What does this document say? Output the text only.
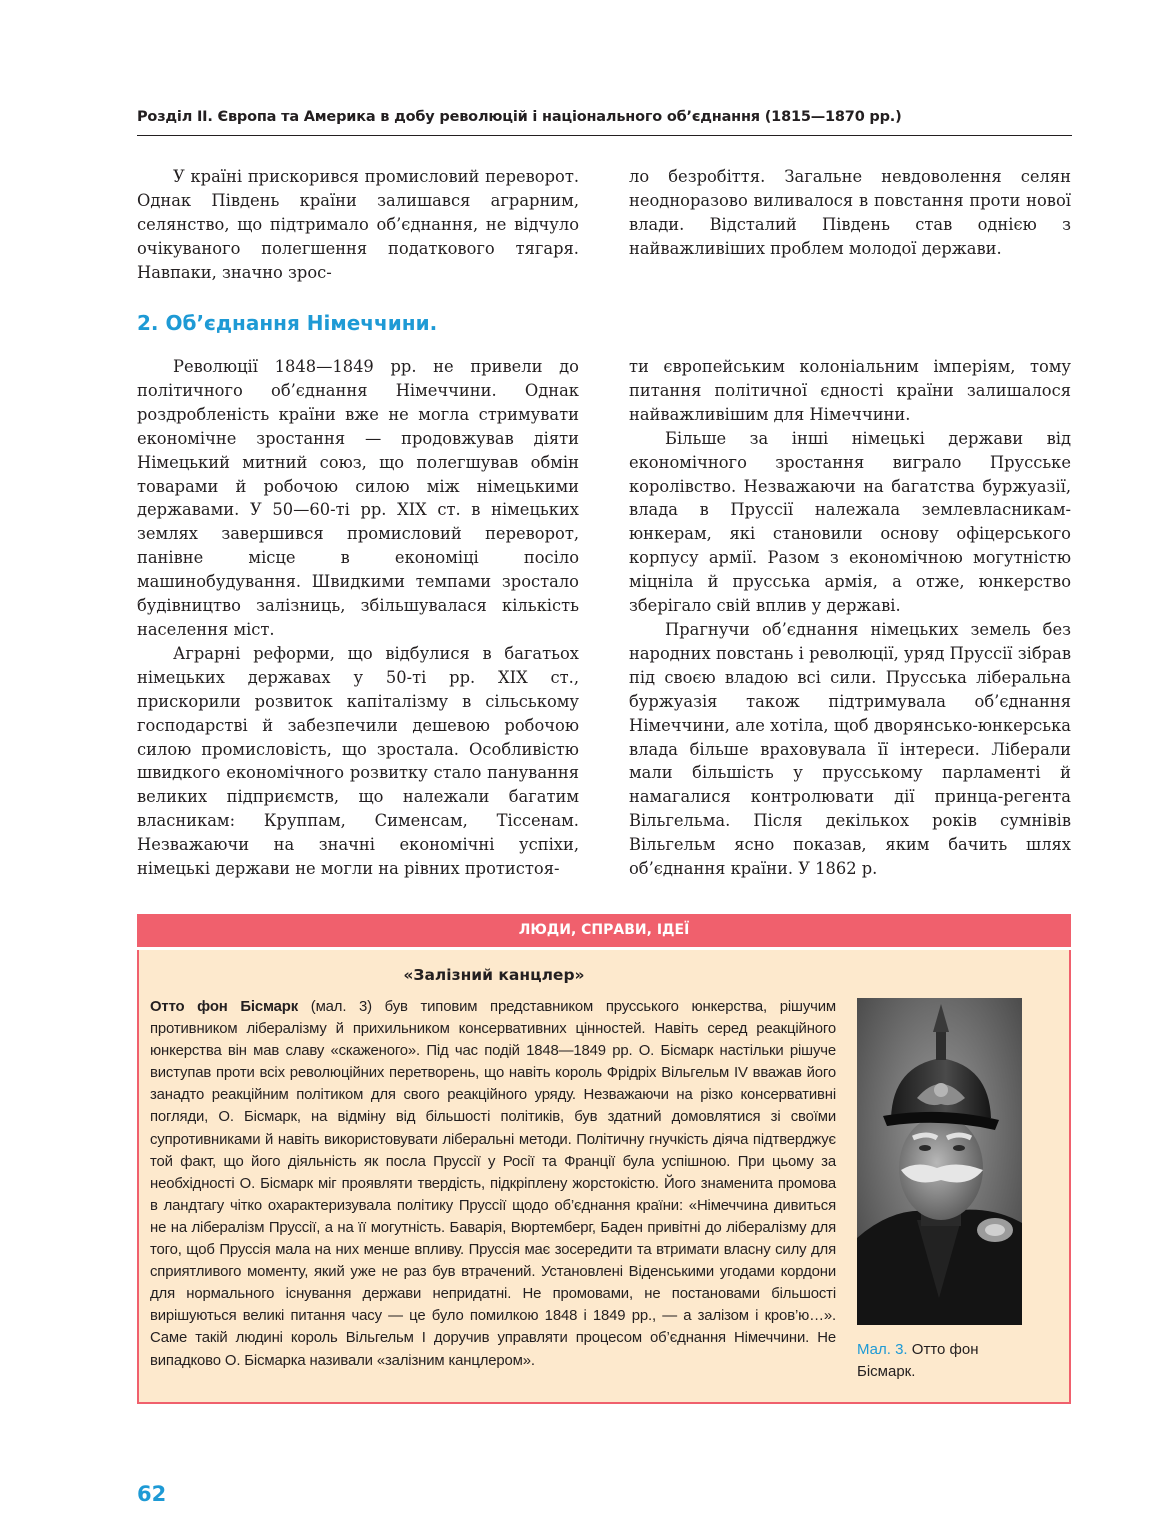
Розділ ІІ. Європа та Америка в добу революцій і національного об’єднання (1815—1870 рр.)

У країні прискорився промисловий переворот. Однак Південь країни залишався аграрним, селянство, що підтримало об’єднання, не відчуло очікуваного полегшення податкового тягаря. Навпаки, значно зрос-

ло безробіття. Загальне невдоволення селян неодноразово виливалося в повстання проти нової влади. Відсталий Південь став однією з найважливіших проблем молодої держави.

2. Об’єднання Німеччини.

Революції 1848—1849 рр. не привели до політичного об’єднання Німеччини. Однак роздробленість країни вже не могла стримувати економічне зростання — продовжував діяти Німецький митний союз, що полегшував обмін товарами й робочою силою між німецькими державами. У 50—60-ті рр. ХІХ ст. в німецьких землях завершився промисловий переворот, панівне місце в економіці посіло машинобудування. Швидкими темпами зростало будівництво залізниць, збільшувалася кількість населення міст.

Аграрні реформи, що відбулися в багатьох німецьких державах у 50-ті рр. ХІХ ст., прискорили розвиток капіталізму в сільському господарстві й забезпечили дешевою робочою силою промисловість, що зростала. Особливістю швидкого економічного розвитку стало панування великих підприємств, що належали багатим власникам: Круппам, Сименсам, Тіссенам. Незважаючи на значні економічні успіхи, німецькі держави не могли на рівних протистоя-

ти європейським колоніальним імперіям, тому питання політичної єдності країни залишалося найважливішим для Німеччини.

Більше за інші німецькі держави від економічного зростання виграло Прусське королівство. Незважаючи на багатства буржуазії, влада в Пруссії належала землевласникам-юнкерам, які становили основу офіцерського корпусу армії. Разом з економічною могутністю міцніла й прусська армія, а отже, юнкерство зберігало свій вплив у державі.

Прагнучи об’єднання німецьких земель без народних повстань і революції, уряд Пруссії зібрав під своєю владою всі сили. Прусська ліберальна буржуазія також підтримувала об’єднання Німеччини, але хотіла, щоб дворянсько-юнкерська влада більше враховувала її інтереси. Ліберали мали більшість у прусському парламенті й намагалися контролювати дії принца-регента Вільгельма. Після декількох років сумнівів Вільгельм ясно показав, яким бачить шлях об’єднання країни. У 1862 р.

ЛЮДИ, СПРАВИ, ІДЕЇ
«Залізний канцлер»
Отто фон Бісмарк (мал. 3) був типовим представником прусського юнкерства, рішучим противником лібералізму й прихильником консервативних цінностей. Навіть серед реакційного юнкерства він мав славу «скаженого». Під час подій 1848—1849 рр. О. Бісмарк настільки рішуче виступав проти всіх революційних перетворень, що навіть король Фрідріх Вільгельм IV вважав його занадто реакційним політиком для свого реакційного уряду. Незважаючи на різко консервативні погляди, О. Бісмарк, на відміну від більшості політиків, був здатний домовлятися зі своїми супротивниками й навіть використовувати ліберальні методи. Політичну гнучкість діяча підтверджує той факт, що його діяльність як посла Пруссії у Росії та Франції була успішною. При цьому за необхідності О. Бісмарк міг проявляти твердість, підкріплену жорстокістю. Його знаменита промова в ландтагу чітко охарактеризувала політику Пруссії щодо об’єднання країни: «Німеччина дивиться не на лібералізм Пруссії, а на її могутність. Баварія, Вюртемберг, Баден привітні до лібералізму для того, щоб Пруссія мала на них менше впливу. Пруссія має зосередити та втримати власну силу для сприятливого моменту, який уже не раз був втрачений. Установлені Віденськими угодами кордони для нормального існування держави непридатні. Не промовами, не постановами більшості вирішуються великі питання часу — це було помилкою 1848 і 1849 рр., — а залізом і кров’ю…». Саме такій людині король Вільгельм І доручив управляти процесом об’єднання Німеччини. Не випадково О. Бісмарка називали «залізним канцлером».
Мал. 3. Отто фон Бісмарк.
62
